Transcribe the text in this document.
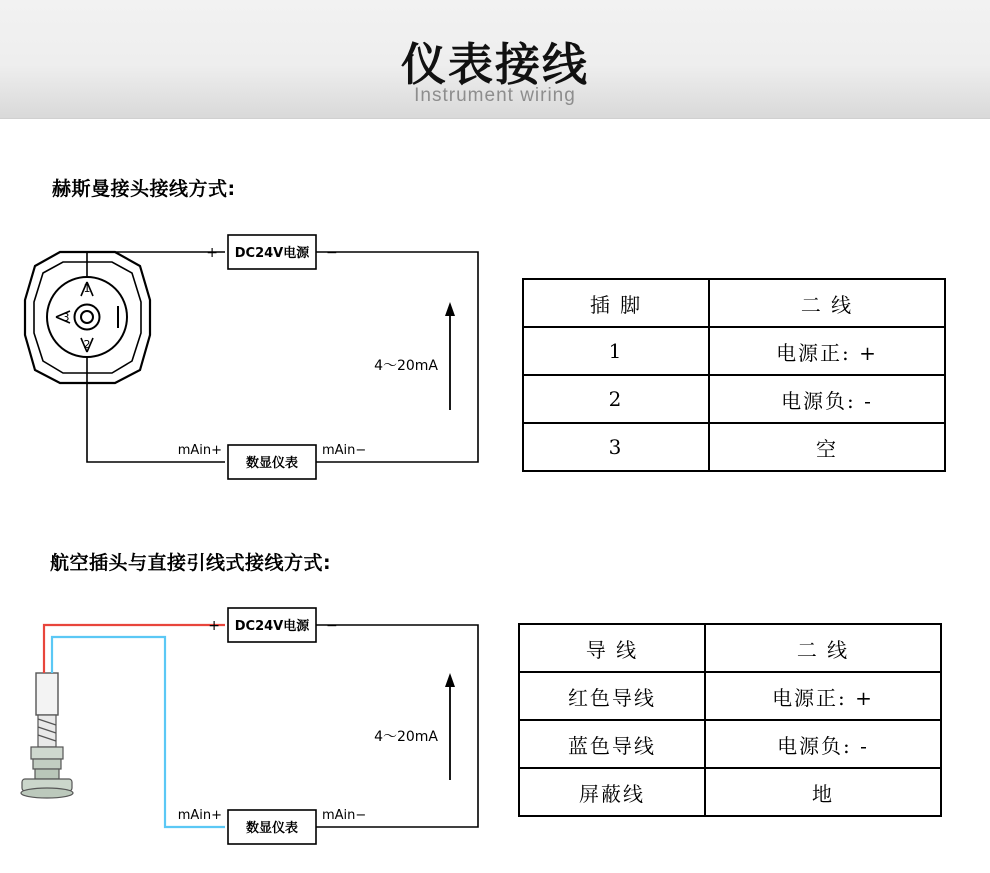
仪表接线
Instrument wiring
赫斯曼接头接线方式:
1
2
3
DC24V电源
+	−
数显仪表
mAin+	mAin−
4～20mA
插 脚	二 线
1	电源正: +
2	电源负: -
3	空
航空插头与直接引线式接线方式:
DC24V电源
+	−
数显仪表
mAin+	mAin−
4～20mA
导 线	二 线
红色导线	电源正: +
蓝色导线	电源负: -
屏蔽线	地
